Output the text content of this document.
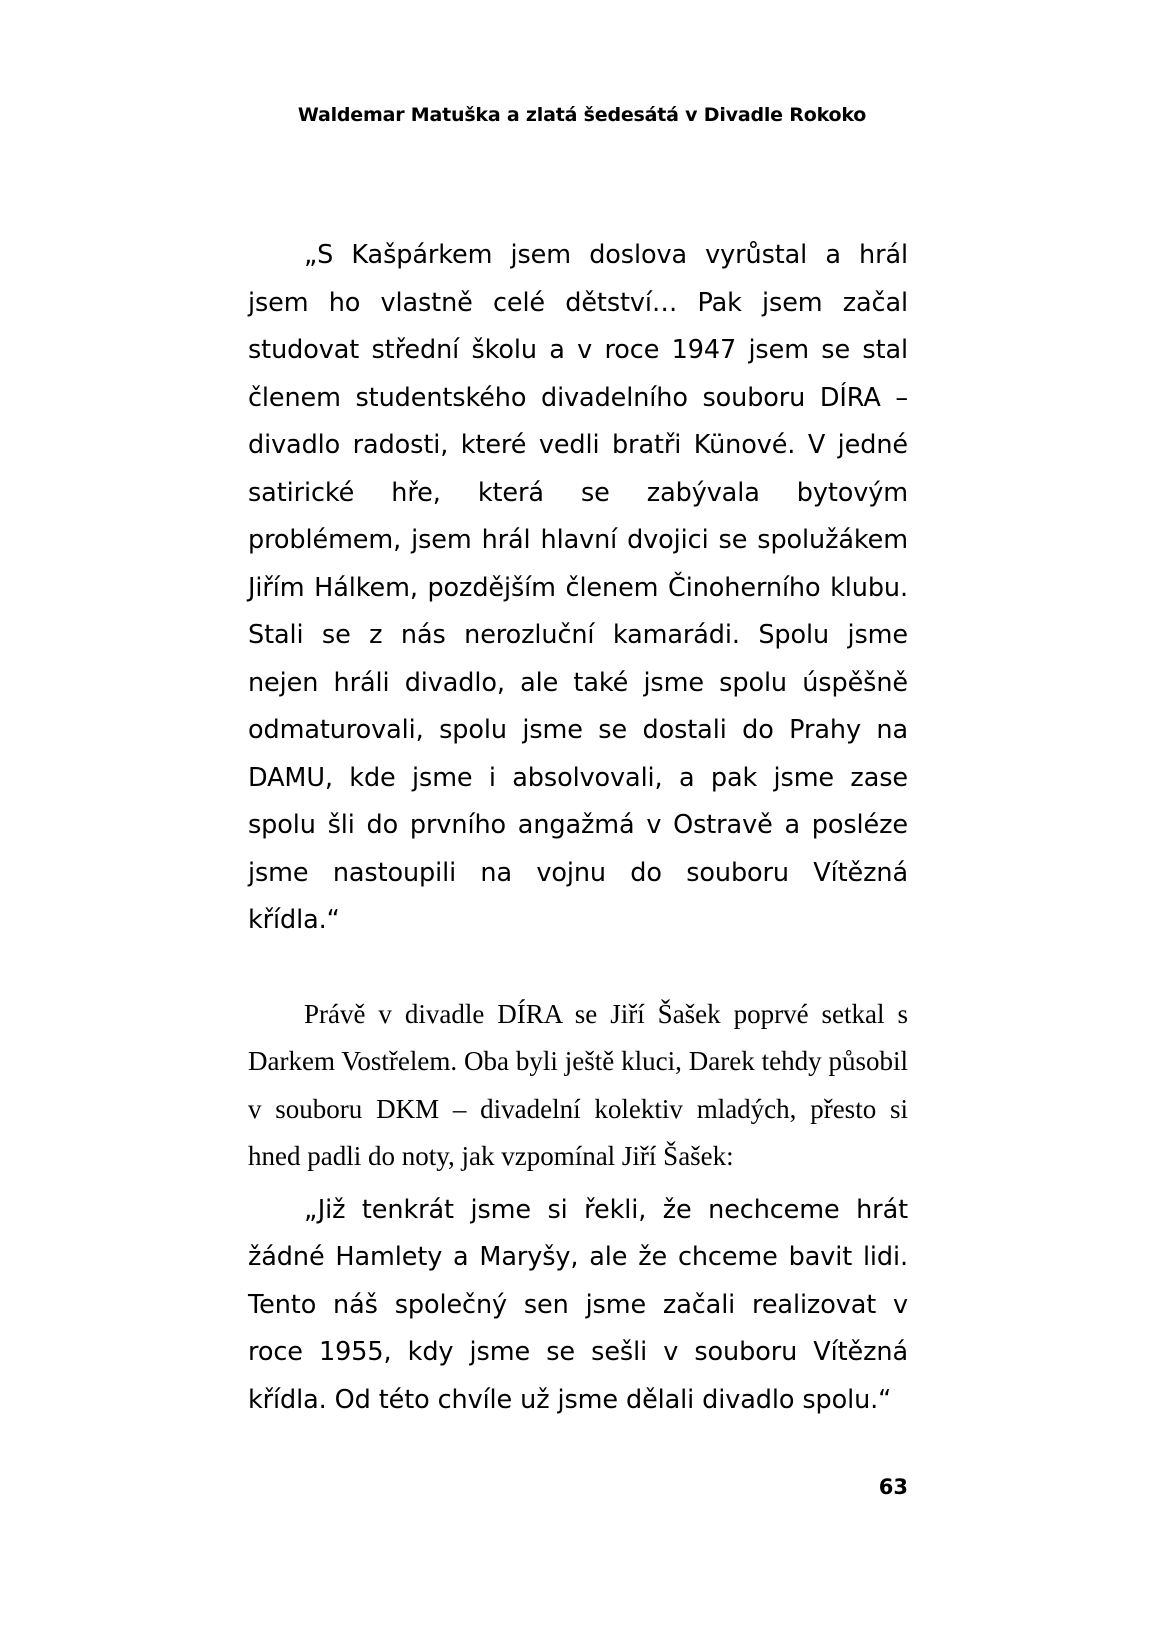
Waldemar Matuška a zlatá šedesátá v Divadle Rokoko

„S Kašpárkem jsem doslova vyrůstal a hrál jsem ho vlastně celé dětství… Pak jsem začal studovat střední školu a v roce 1947 jsem se stal členem studentského divadelního souboru DÍRA – divadlo radosti, které vedli bratři Künové. V jedné satirické hře, která se zabývala bytovým problémem, jsem hrál hlavní dvojici se spolužákem Jiřím Hálkem, pozdějším členem Činoherního klubu. Stali se z nás nerozluční kamarádi. Spolu jsme nejen hráli divadlo, ale také jsme spolu úspěšně odmaturovali, spolu jsme se dostali do Prahy na DAMU, kde jsme i absolvovali, a pak jsme zase spolu šli do prvního angažmá v Ostravě a posléze jsme nastoupili na vojnu do souboru Vítězná křídla.“

Právě v divadle DÍRA se Jiří Šašek poprvé setkal s Darkem Vostřelem. Oba byli ještě kluci, Darek tehdy působil v souboru DKM – divadelní kolektiv mladých, přesto si hned padli do noty, jak vzpomínal Jiří Šašek:

„Již tenkrát jsme si řekli, že nechceme hrát žádné Hamlety a Maryšy, ale že chceme bavit lidi. Tento náš společný sen jsme začali realizovat v roce 1955, kdy jsme se sešli v souboru Vítězná křídla. Od této chvíle už jsme dělali divadlo spolu.“

63
